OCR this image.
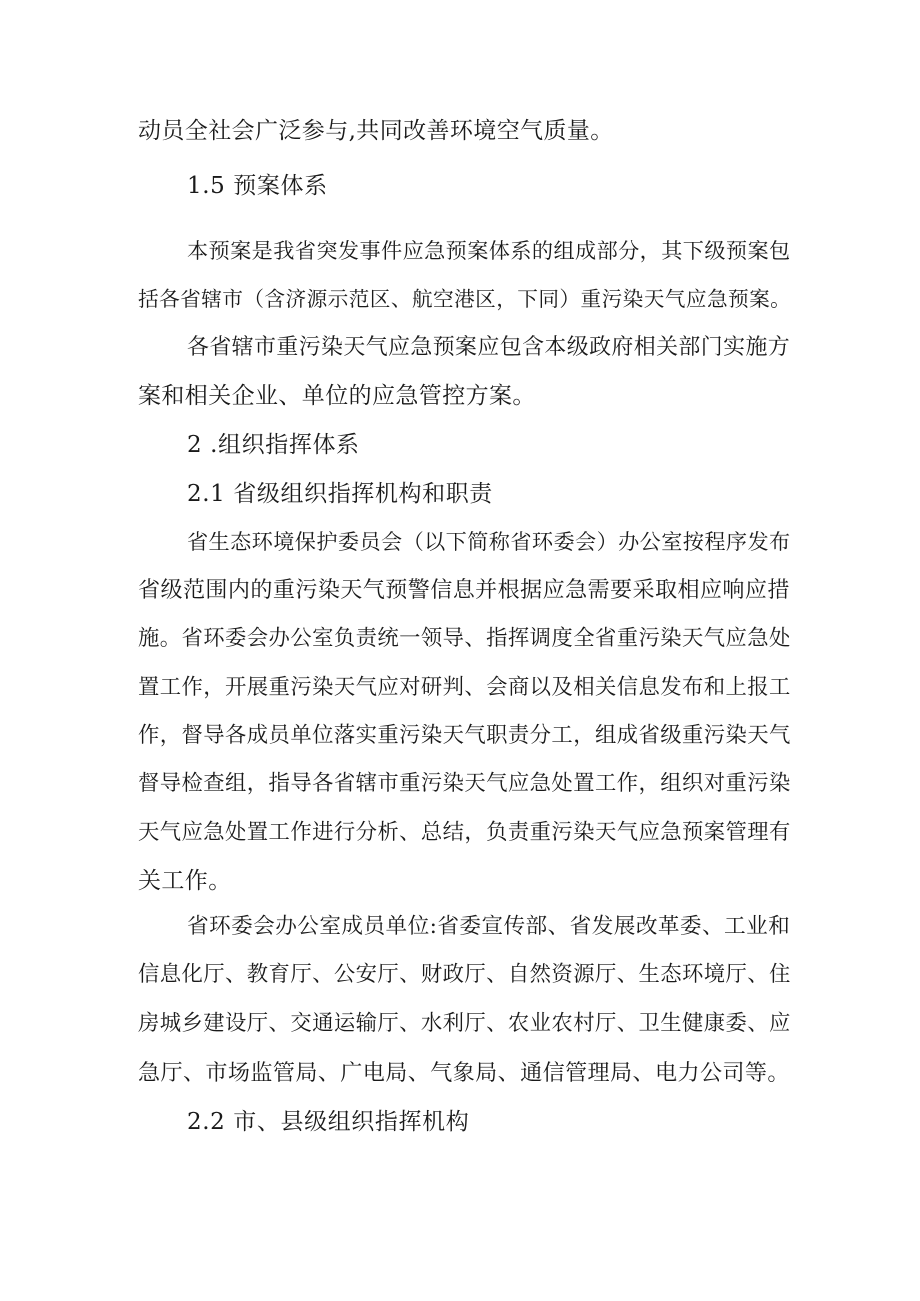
动员全社会广泛参与,共同改善环境空气质量。
1.5 预案体系
本预案是我省突发事件应急预案体系的组成部分，其下级预案包
括各省辖市（含济源示范区、航空港区，下同）重污染天气应急预案。
各省辖市重污染天气应急预案应包含本级政府相关部门实施方
案和相关企业、单位的应急管控方案。
2 .组织指挥体系
2.1 省级组织指挥机构和职责
省生态环境保护委员会（以下简称省环委会）办公室按程序发布
省级范围内的重污染天气预警信息并根据应急需要采取相应响应措
施。省环委会办公室负责统一领导、指挥调度全省重污染天气应急处
置工作，开展重污染天气应对研判、会商以及相关信息发布和上报工
作，督导各成员单位落实重污染天气职责分工，组成省级重污染天气
督导检查组，指导各省辖市重污染天气应急处置工作，组织对重污染
天气应急处置工作进行分析、总结，负责重污染天气应急预案管理有
关工作。
省环委会办公室成员单位:省委宣传部、省发展改革委、工业和
信息化厅、教育厅、公安厅、财政厅、自然资源厅、生态环境厅、住
房城乡建设厅、交通运输厅、水利厅、农业农村厅、卫生健康委、应
急厅、市场监管局、广电局、气象局、通信管理局、电力公司等。
2.2 市、县级组织指挥机构
